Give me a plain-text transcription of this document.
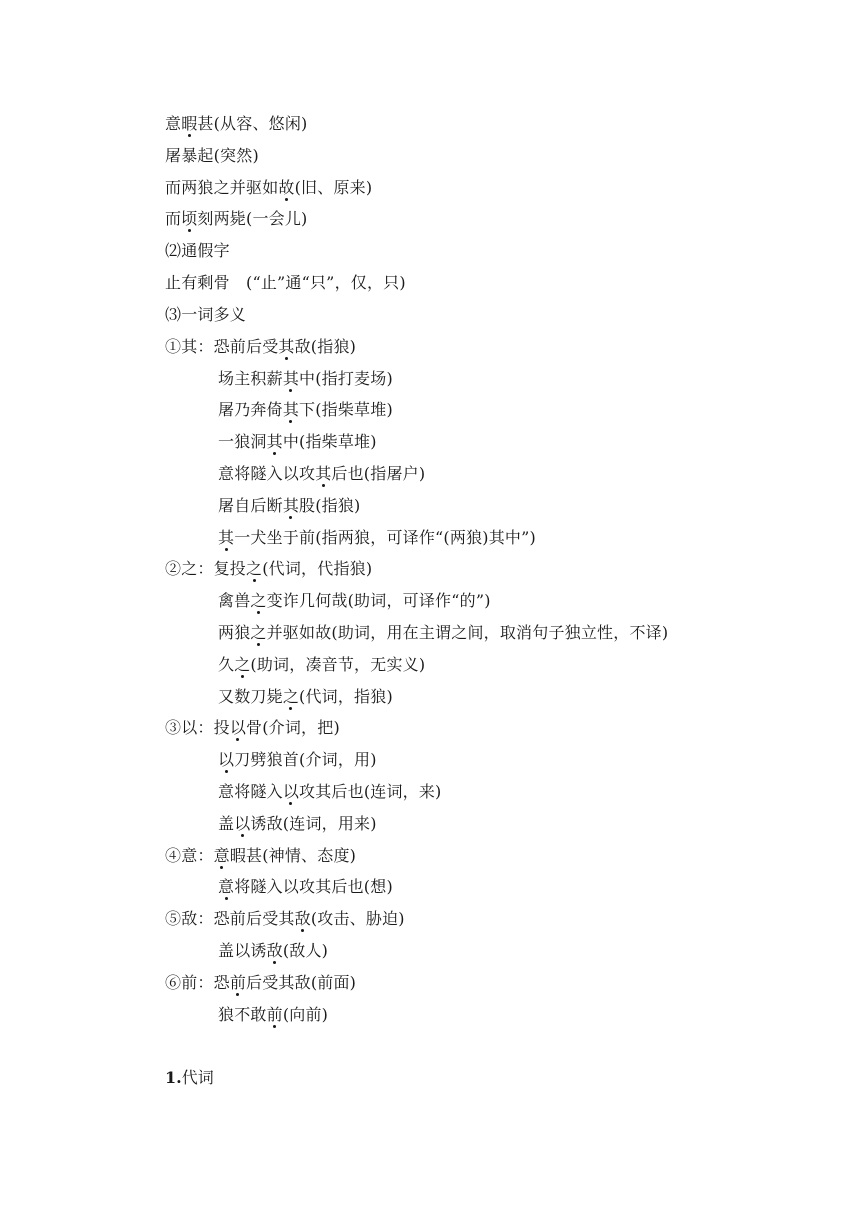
意暇甚(从容、悠闲)
屠暴起(突然)
而两狼之并驱如故(旧、原来)
而顷刻两毙(一会儿)
⑵通假字
止有剩骨　(“止”通“只”，仅，只)
⑶一词多义
①其：恐前后受其敌(指狼)
场主积薪其中(指打麦场)
屠乃奔倚其下(指柴草堆)
一狼洞其中(指柴草堆)
意将隧入以攻其后也(指屠户)
屠自后断其股(指狼)
其一犬坐于前(指两狼，可译作“(两狼)其中”)
②之：复投之(代词，代指狼)
禽兽之变诈几何哉(助词，可译作“的”)
两狼之并驱如故(助词，用在主谓之间，取消句子独立性，不译)
久之(助词，凑音节，无实义)
又数刀毙之(代词，指狼)
③以：投以骨(介词，把)
以刀劈狼首(介词，用)
意将隧入以攻其后也(连词，来)
盖以诱敌(连词，用来)
④意：意暇甚(神情、态度)
意将隧入以攻其后也(想)
⑤敌：恐前后受其敌(攻击、胁迫)
盖以诱敌(敌人)
⑥前：恐前后受其敌(前面)
狼不敢前(向前)
1.代词
